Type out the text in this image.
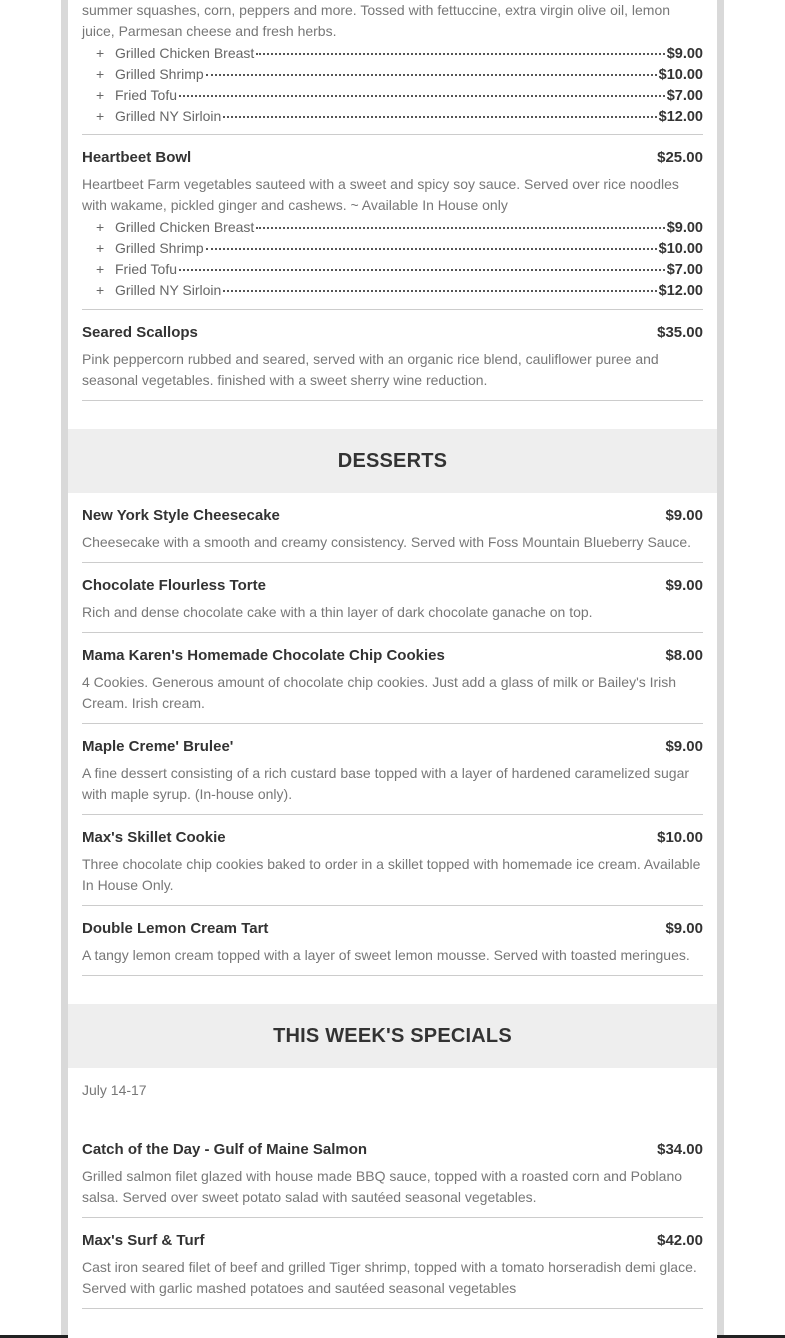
summer squashes, corn, peppers and more. Tossed with fettuccine, extra virgin olive oil, lemon juice, Parmesan cheese and fresh herbs.

+ Grilled Chicken Breast	$9.00
+ Grilled Shrimp	$10.00
+ Fried Tofu	$7.00
+ Grilled NY Sirloin	$12.00
Heartbeet Bowl	$25.00

Heartbeet Farm vegetables sauteed with a sweet and spicy soy sauce. Served over rice noodles with wakame, pickled ginger and cashews. ~ Available In House only

+ Grilled Chicken Breast	$9.00
+ Grilled Shrimp	$10.00
+ Fried Tofu	$7.00
+ Grilled NY Sirloin	$12.00
Seared Scallops	$35.00

Pink peppercorn rubbed and seared, served with an organic rice blend, cauliflower puree and seasonal vegetables. finished with a sweet sherry wine reduction.

DESSERTS
New York Style Cheesecake	$9.00

Cheesecake with a smooth and creamy consistency. Served with Foss Mountain Blueberry Sauce.

Chocolate Flourless Torte	$9.00

Rich and dense chocolate cake with a thin layer of dark chocolate ganache on top.

Mama Karen's Homemade Chocolate Chip Cookies	$8.00

4 Cookies. Generous amount of chocolate chip cookies. Just add a glass of milk or Bailey's Irish Cream. Irish cream.

Maple Creme' Brulee'	$9.00

A fine dessert consisting of a rich custard base topped with a layer of hardened caramelized sugar with maple syrup. (In-house only).

Max's Skillet Cookie	$10.00

Three chocolate chip cookies baked to order in a skillet topped with homemade ice cream. Available In House Only.

Double Lemon Cream Tart	$9.00

A tangy lemon cream topped with a layer of sweet lemon mousse. Served with toasted meringues.

THIS WEEK'S SPECIALS
July 14-17
Catch of the Day - Gulf of Maine Salmon	$34.00

Grilled salmon filet glazed with house made BBQ sauce, topped with a roasted corn and Poblano salsa. Served over sweet potato salad with sautéed seasonal vegetables.

Max's Surf & Turf	$42.00

Cast iron seared filet of beef and grilled Tiger shrimp, topped with a tomato horseradish demi glace. Served with garlic mashed potatoes and sautéed seasonal vegetables
